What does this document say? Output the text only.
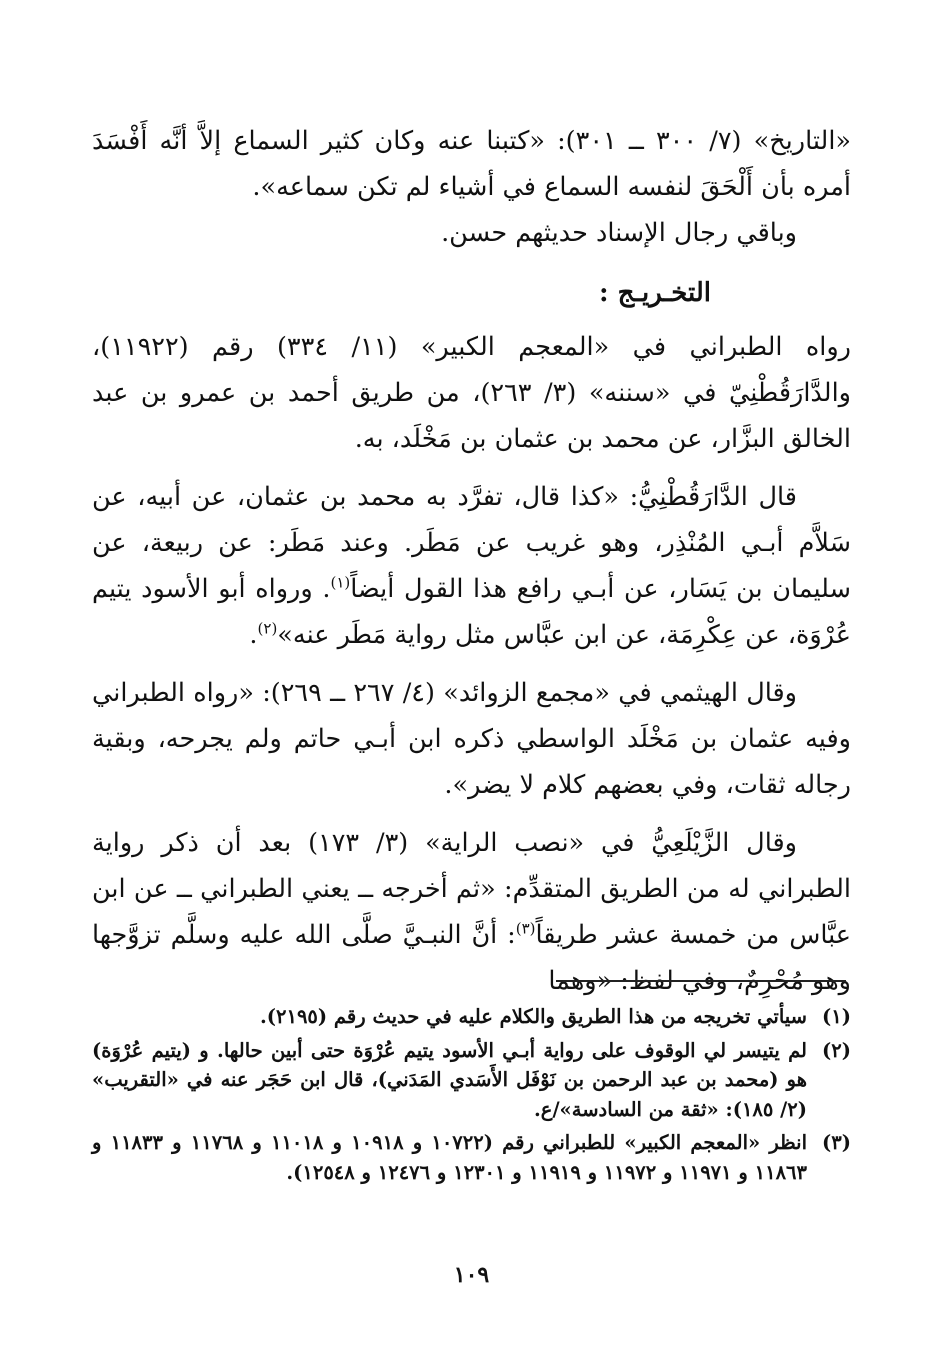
«التاريخ» (٧/ ٣٠٠ ــ ٣٠١): «كتبنا عنه وكان كثير السماع إلاَّ أنَّه أَفْسَدَ أمره بأن أَلْحَقَ لنفسه السماع في أشياء لم تكن سماعه».

وباقي رجال الإسناد حديثهم حسن.

التخـريـج :

رواه الطبراني في «المعجم الكبير» (١١/ ٣٣٤) رقم (١١٩٢٢)، والدَّارَقُطْنِيّ في «سننه» (٣/ ٢٦٣)، من طريق أحمد بن عمرو بن عبد الخالق البزَّار، عن محمد بن عثمان بن مَخْلَد، به.

قال الدَّارَقُطْنِيُّ: «كذا قال، تفرَّد به محمد بن عثمان، عن أبيه، عن سَلاَّم أبـي المُنْذِر، وهو غريب عن مَطَر. وعند مَطَر: عن ربيعة، عن سليمان بن يَسَار، عن أبـي رافع هذا القول أيضاً$^{(١)}$. ورواه أبو الأسود يتيم عُرْوَة، عن عِكْرِمَة، عن ابن عبَّاس مثل رواية مَطَر عنه»$^{(٢)}$.

وقال الهيثمي في «مجمع الزوائد» (٤/ ٢٦٧ ــ ٢٦٩): «رواه الطبراني وفيه عثمان بن مَخْلَد الواسطي ذكره ابن أبـي حاتم ولم يجرحه، وبقية رجاله ثقات، وفي بعضهم كلام لا يضر».

وقال الزَّيْلَعِيُّ في «نصب الراية» (٣/ ١٧٣) بعد أن ذكر رواية الطبراني له من الطريق المتقدِّم: «ثم أخرجه ــ يعني الطبراني ــ عن ابن عبَّاس من خمسة عشر طريقاً$^{(٣)}$: أنَّ النبـيَّ صلَّى الله عليه وسلَّم تزوَّجها وهو مُحْرِمٌ، وفي لفظ: «وهما

(١)
سيأتي تخريجه من هذا الطريق والكلام عليه في حديث رقم (٢١٩٥).
(٢)
لم يتيسر لي الوقوف على رواية أبـي الأسود يتيم عُرْوَة حتى أبين حالها. و (يتيم عُرْوَة) هو (محمد بن عبد الرحمن بن نَوْفَل الأَسَدي المَدَني)، قال ابن حَجَر عنه في «التقريب» (٢/ ١٨٥): «ثقة من السادسة»/ع.
(٣)
انظر «المعجم الكبير» للطبراني رقم (١٠٧٢٢ و ١٠٩١٨ و ١١٠١٨ و ١١٧٦٨ و ١١٨٣٣ و ١١٨٦٣ و ١١٩٧١ و ١١٩٧٢ و ١١٩١٩ و ١٢٣٠١ و ١٢٤٧٦ و ١٢٥٤٨).
١٠٩
